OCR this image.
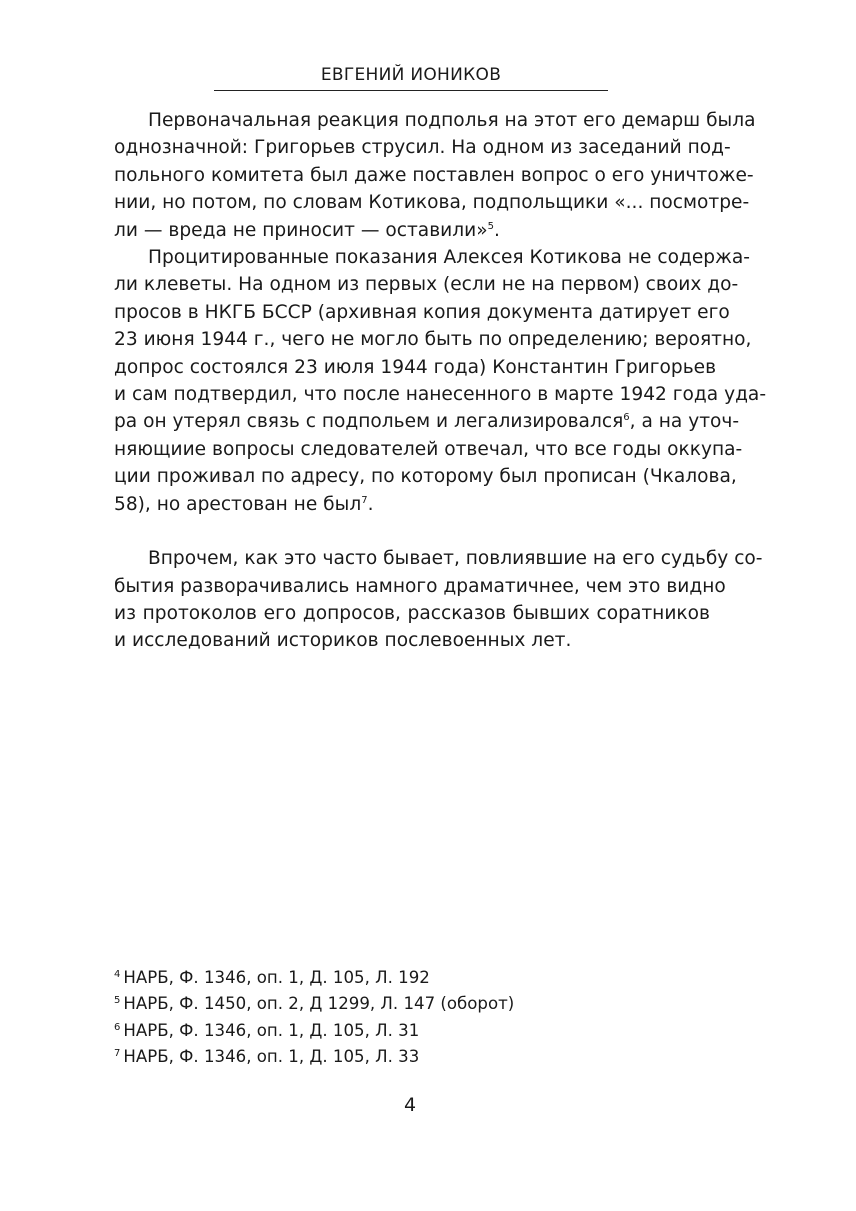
ЕВГЕНИЙ ИОНИКОВ

Первоначальная реакция подполья на этот его демарш была
однозначной: Григорьев струсил. На одном из заседаний под-
польного комитета был даже поставлен вопрос о его уничтоже-
нии, но потом, по словам Котикова, подпольщики «... посмотре-
ли — вреда не приносит — оставили»$^5$.

Процитированные показания Алексея Котикова не содержа-
ли клеветы. На одном из первых (если не на первом) своих до-
просов в НКГБ БССР (архивная копия документа датирует его
23 июня 1944 г., чего не могло быть по определению; вероятно,
допрос состоялся 23 июля 1944 года) Константин Григорьев
и сам подтвердил, что после нанесенного в марте 1942 года уда-
ра он утерял связь с подпольем и легализировался$^6$, а на уточ-
няющиие вопросы следователей отвечал, что все годы оккупа-
ции проживал по адресу, по которому был прописан (Чкалова,
58), но арестован не был$^7$.

Впрочем, как это часто бывает, повлиявшие на его судьбу со-
бытия разворачивались намного драматичнее, чем это видно
из протоколов его допросов, рассказов бывших соратников
и исследований историков послевоенных лет.

$^4$ НАРБ, Ф. 1346, оп. 1, Д. 105, Л. 192
$^5$ НАРБ, Ф. 1450, оп. 2, Д 1299, Л. 147 (оборот)
$^6$ НАРБ, Ф. 1346, оп. 1, Д. 105, Л. 31
$^7$ НАРБ, Ф. 1346, оп. 1, Д. 105, Л. 33
4
